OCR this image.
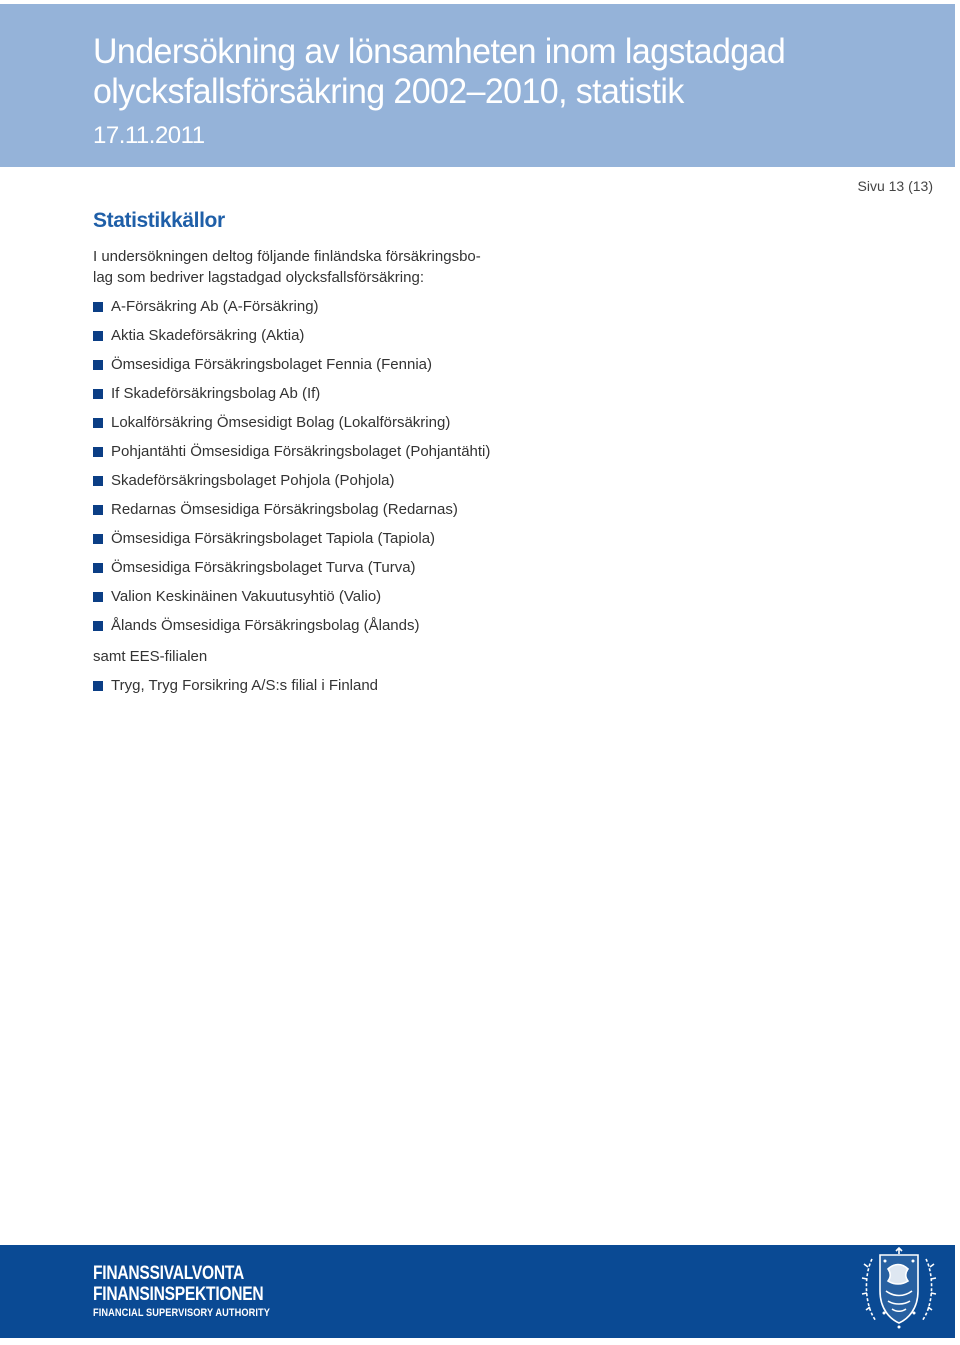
Undersökning av lönsamheten inom lagstadgad
olycksfallsförsäkring 2002–2010, statistik
17.11.2011
Sivu 13 (13)
Statistikkällor
I undersökningen deltog följande finländska försäkringsbo-
lag som bedriver lagstadgad olycksfallsförsäkring:
A-Försäkring Ab (A-Försäkring)
Aktia Skadeförsäkring (Aktia)
Ömsesidiga Försäkringsbolaget Fennia (Fennia)
If Skadeförsäkringsbolag Ab (If)
Lokalförsäkring Ömsesidigt Bolag (Lokalförsäkring)
Pohjantähti Ömsesidiga Försäkringsbolaget (Pohjantähti)
Skadeförsäkringsbolaget Pohjola (Pohjola)
Redarnas Ömsesidiga Försäkringsbolag (Redarnas)
Ömsesidiga Försäkringsbolaget Tapiola (Tapiola)
Ömsesidiga Försäkringsbolaget Turva (Turva)
Valion Keskinäinen Vakuutusyhtiö (Valio)
Ålands Ömsesidiga Försäkringsbolag (Ålands)
samt EES-filialen
Tryg, Tryg Forsikring A/S:s filial i Finland
FINANSSIVALVONTA
FINANSINSPEKTIONEN
FINANCIAL SUPERVISORY AUTHORITY
